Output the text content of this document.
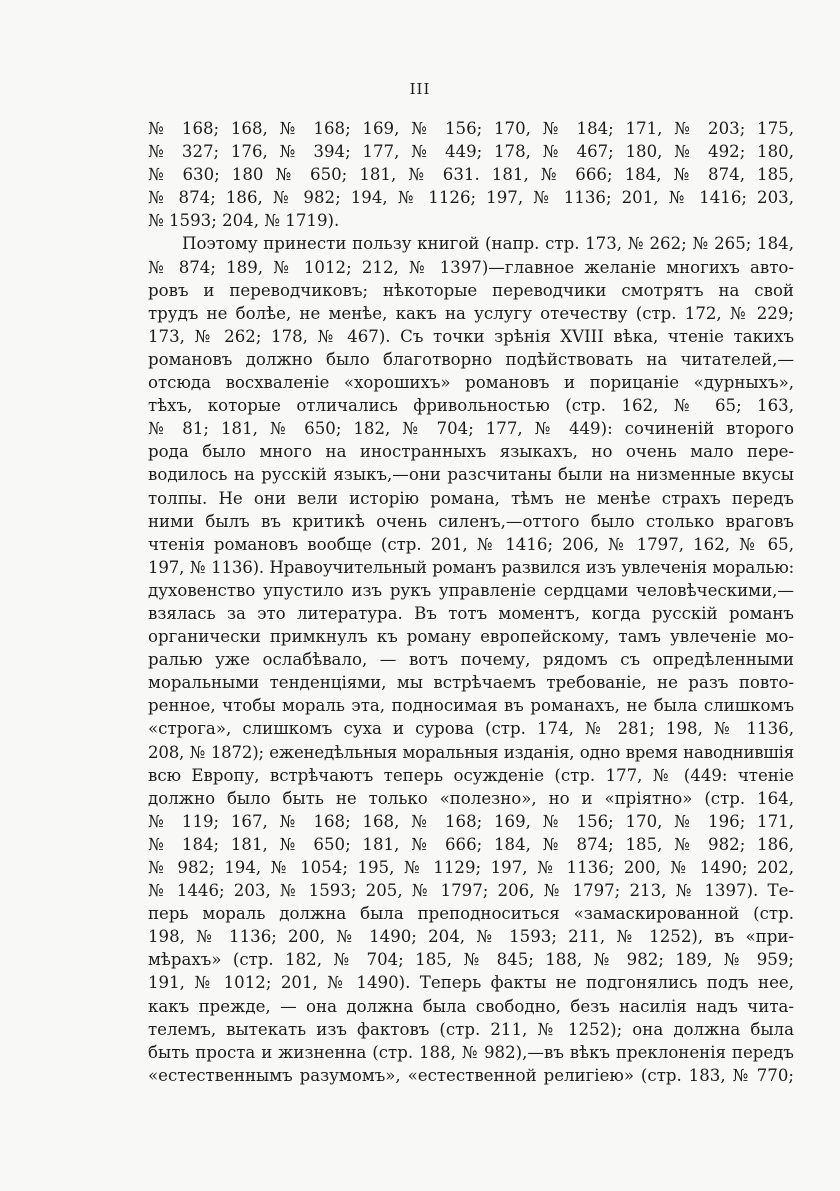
III
№ 168; 168, № 168; 169, № 156; 170, № 184; 171, № 203; 175,
№ 327; 176, № 394; 177, № 449; 178, № 467; 180, № 492; 180,
№ 630; 180 № 650; 181, № 631. 181, № 666; 184, № 874, 185,
№ 874; 186, № 982; 194, № 1126; 197, № 1136; 201, № 1416; 203,
№ 1593; 204, № 1719).
Поэтому принести пользу книгой (напр. стр. 173, № 262; № 265; 184,
№ 874; 189, № 1012; 212, № 1397)—главное желаніе многихъ авто-
ровъ и переводчиковъ; нѣкоторые переводчики смотрятъ на свой
трудъ не болѣе, не менѣе, какъ на услугу отечеству (стр. 172, № 229;
173, № 262; 178, № 467). Съ точки зрѣнія XVIII вѣка, чтеніе такихъ
романовъ должно было благотворно подѣйствовать на читателей,—
отсюда восхваленіе «хорошихъ» романовъ и порицаніе «дурныхъ»,
тѣхъ, которые отличались фривольностью (стр. 162, № 65; 163,
№ 81; 181, № 650; 182, № 704; 177, № 449): сочиненій второго
рода было много на иностранныхъ языкахъ, но очень мало пере-
водилось на русскій языкъ,—они разсчитаны были на низменные вкусы
толпы. Не они вели исторію романа, тѣмъ не менѣе страхъ передъ
ними былъ въ критикѣ очень силенъ,—оттого было столько враговъ
чтенія романовъ вообще (стр. 201, № 1416; 206, № 1797, 162, № 65,
197, № 1136). Нравоучительный романъ развился изъ увлеченія моралью:
духовенство упустило изъ рукъ управленіе сердцами человѣческими,—
взялась за это литература. Въ тотъ моментъ, когда русскій романъ
органически примкнулъ къ роману европейскому, тамъ увлеченіе мо-
ралью уже ослабѣвало, — вотъ почему, рядомъ съ опредѣленными
моральными тенденціями, мы встрѣчаемъ требованіе, не разъ повто-
ренное, чтобы мораль эта, подносимая въ романахъ, не была слишкомъ
«строга», слишкомъ суха и сурова (стр. 174, № 281; 198, № 1136,
208, № 1872); еженедѣльныя моральныя изданія, одно время наводнившія
всю Европу, встрѣчаютъ теперь осужденіе (стр. 177, № (449: чтеніе
должно было быть не только «полезно», но и «пріятно» (стр. 164,
№ 119; 167, № 168; 168, № 168; 169, № 156; 170, № 196; 171,
№ 184; 181, № 650; 181, № 666; 184, № 874; 185, № 982; 186,
№ 982; 194, № 1054; 195, № 1129; 197, № 1136; 200, № 1490; 202,
№ 1446; 203, № 1593; 205, № 1797; 206, № 1797; 213, № 1397). Те-
перь мораль должна была преподноситься «замаскированной (стр.
198, № 1136; 200, № 1490; 204, № 1593; 211, № 1252), въ «при-
мѣрахъ» (стр. 182, № 704; 185, № 845; 188, № 982; 189, № 959;
191, № 1012; 201, № 1490). Теперь факты не подгонялись подъ нее,
какъ прежде, — она должна была свободно, безъ насилія надъ чита-
телемъ, вытекать изъ фактовъ (стр. 211, № 1252); она должна была
быть проста и жизненна (стр. 188, № 982),—въ вѣкъ преклоненія передъ
«естественнымъ разумомъ», «естественной религіею» (стр. 183, № 770;
